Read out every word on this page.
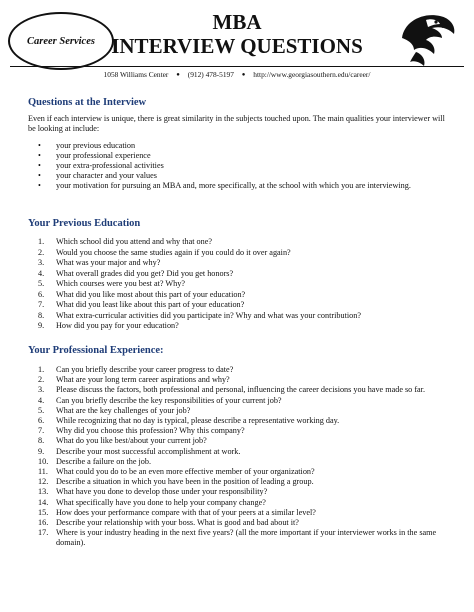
Career Services
MBA
INTERVIEW QUESTIONS
1058 Williams Center ● (912) 478-5197 ● http://www.georgiasouthern.edu/career/
Questions at the Interview

Even if each interview is unique, there is great similarity in the subjects touched upon. The main qualities your interviewer will be looking at include:

• your previous education
• your professional experience
• your extra-professional activities
• your character and your values
• your motivation for pursuing an MBA and, more specifically, at the school with which you are interviewing.
Your Previous Education
1. Which school did you attend and why that one?
2. Would you choose the same studies again if you could do it over again?
3. What was your major and why?
4. What overall grades did you get? Did you get honors?
5. Which courses were you best at? Why?
6. What did you like most about this part of your education?
7. What did you least like about this part of your education?
8. What extra-curricular activities did you participate in? Why and what was your contribution?
9. How did you pay for your education?
Your Professional Experience:
1. Can you briefly describe your career progress to date?
2. What are your long term career aspirations and why?
3. Please discuss the factors, both professional and personal, influencing the career decisions you have made so far.
4. Can you briefly describe the key responsibilities of your current job?
5. What are the key challenges of your job?
6. While recognizing that no day is typical, please describe a representative working day.
7. Why did you choose this profession? Why this company?
8. What do you like best/about your current job?
9. Describe your most successful accomplishment at work.
10. Describe a failure on the job.
11. What could you do to be an even more effective member of your organization?
12. Describe a situation in which you have been in the position of leading a group.
13. What have you done to develop those under your responsibility?
14. What specifically have you done to help your company change?
15. How does your performance compare with that of your peers at a similar level?
16. Describe your relationship with your boss. What is good and bad about it?
17. Where is your industry heading in the next five years? (all the more important if your interviewer works in the same domain).
